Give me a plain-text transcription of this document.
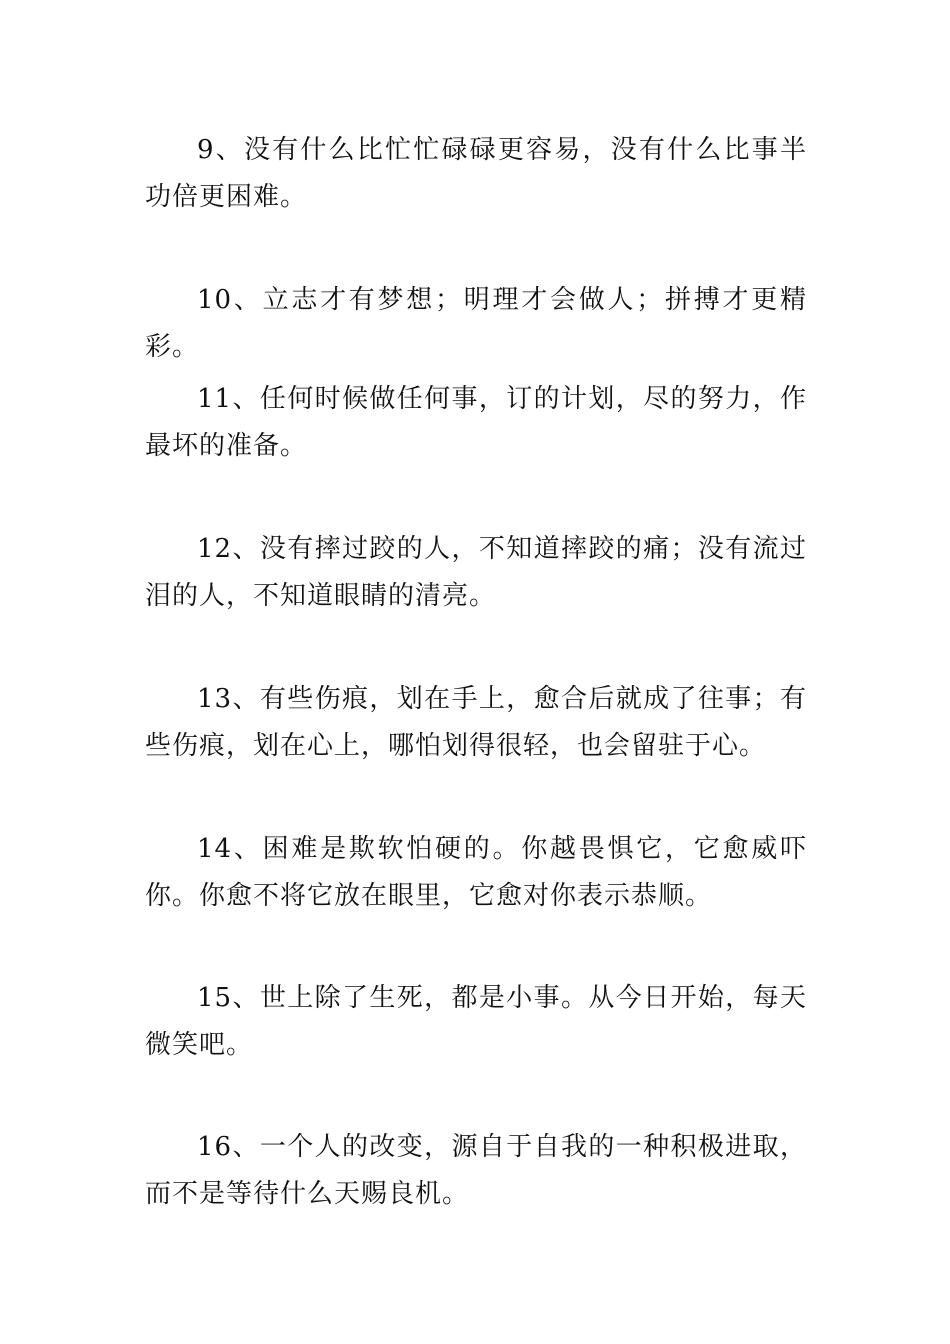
9、没有什么比忙忙碌碌更容易，没有什么比事半功倍更困难。

10、立志才有梦想；明理才会做人；拼搏才更精彩。

11、任何时候做任何事，订的计划，尽的努力，作最坏的准备。

12、没有摔过跤的人，不知道摔跤的痛；没有流过泪的人，不知道眼睛的清亮。

13、有些伤痕，划在手上，愈合后就成了往事；有些伤痕，划在心上，哪怕划得很轻，也会留驻于心。

14、困难是欺软怕硬的。你越畏惧它，它愈威吓你。你愈不将它放在眼里，它愈对你表示恭顺。

15、世上除了生死，都是小事。从今日开始，每天微笑吧。

16、一个人的改变，源自于自我的一种积极进取，而不是等待什么天赐良机。
